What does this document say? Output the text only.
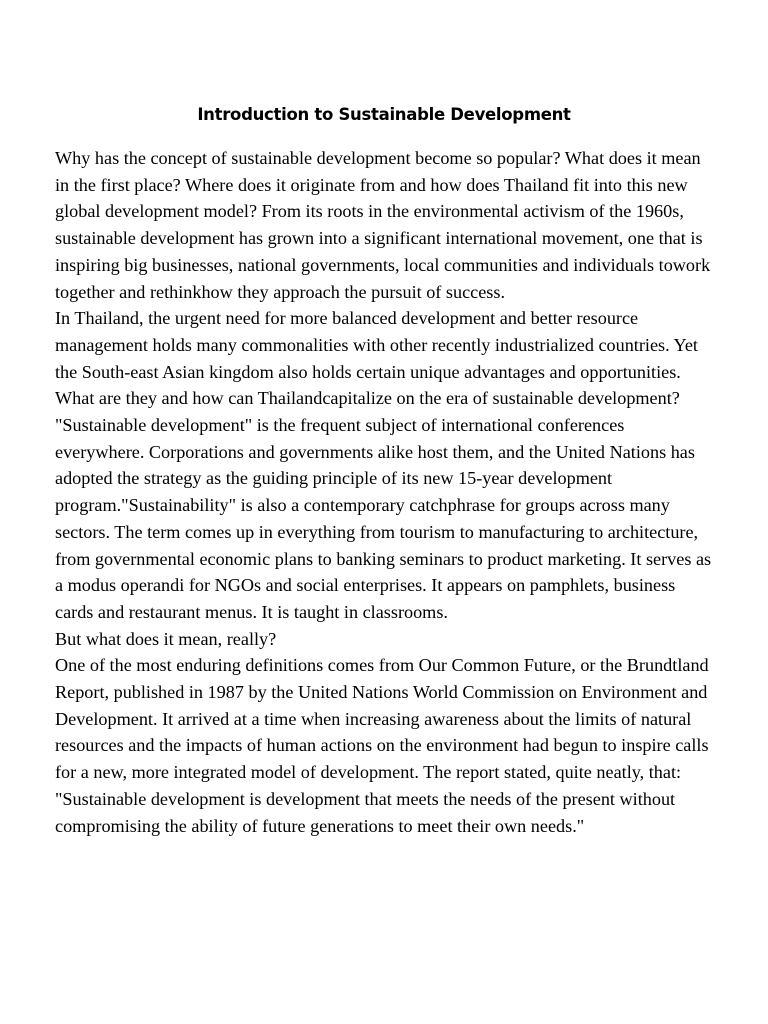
Introduction to Sustainable Development

Why has the concept of sustainable development become so popular? What does it mean in the first place? Where does it originate from and how does Thailand fit into this new global development model? From its roots in the environmental activism of the 1960s, sustainable development has grown into a significant international movement, one that is inspiring big businesses, national governments, local communities and individuals towork together and rethinkhow they approach the pursuit of success.

In Thailand, the urgent need for more balanced development and better resource management holds many commonalities with other recently industrialized countries. Yet the South-east Asian kingdom also holds certain unique advantages and opportunities. What are they and how can Thailandcapitalize on the era of sustainable development?

"Sustainable development" is the frequent subject of international conferences everywhere. Corporations and governments alike host them, and the United Nations has adopted the strategy as the guiding principle of its new 15-year development program."Sustainability" is also a contemporary catchphrase for groups across many sectors. The term comes up in everything from tourism to manufacturing to architecture, from governmental economic plans to banking seminars to product marketing. It serves as a modus operandi for NGOs and social enterprises. It appears on pamphlets, business cards and restaurant menus. It is taught in classrooms.

But what does it mean, really?

One of the most enduring definitions comes from Our Common Future, or the Brundtland Report, published in 1987 by the United Nations World Commission on Environment and Development. It arrived at a time when increasing awareness about the limits of natural resources and the impacts of human actions on the environment had begun to inspire calls for a new, more integrated model of development. The report stated, quite neatly, that:

"Sustainable development is development that meets the needs of the present without compromising the ability of future generations to meet their own needs."
